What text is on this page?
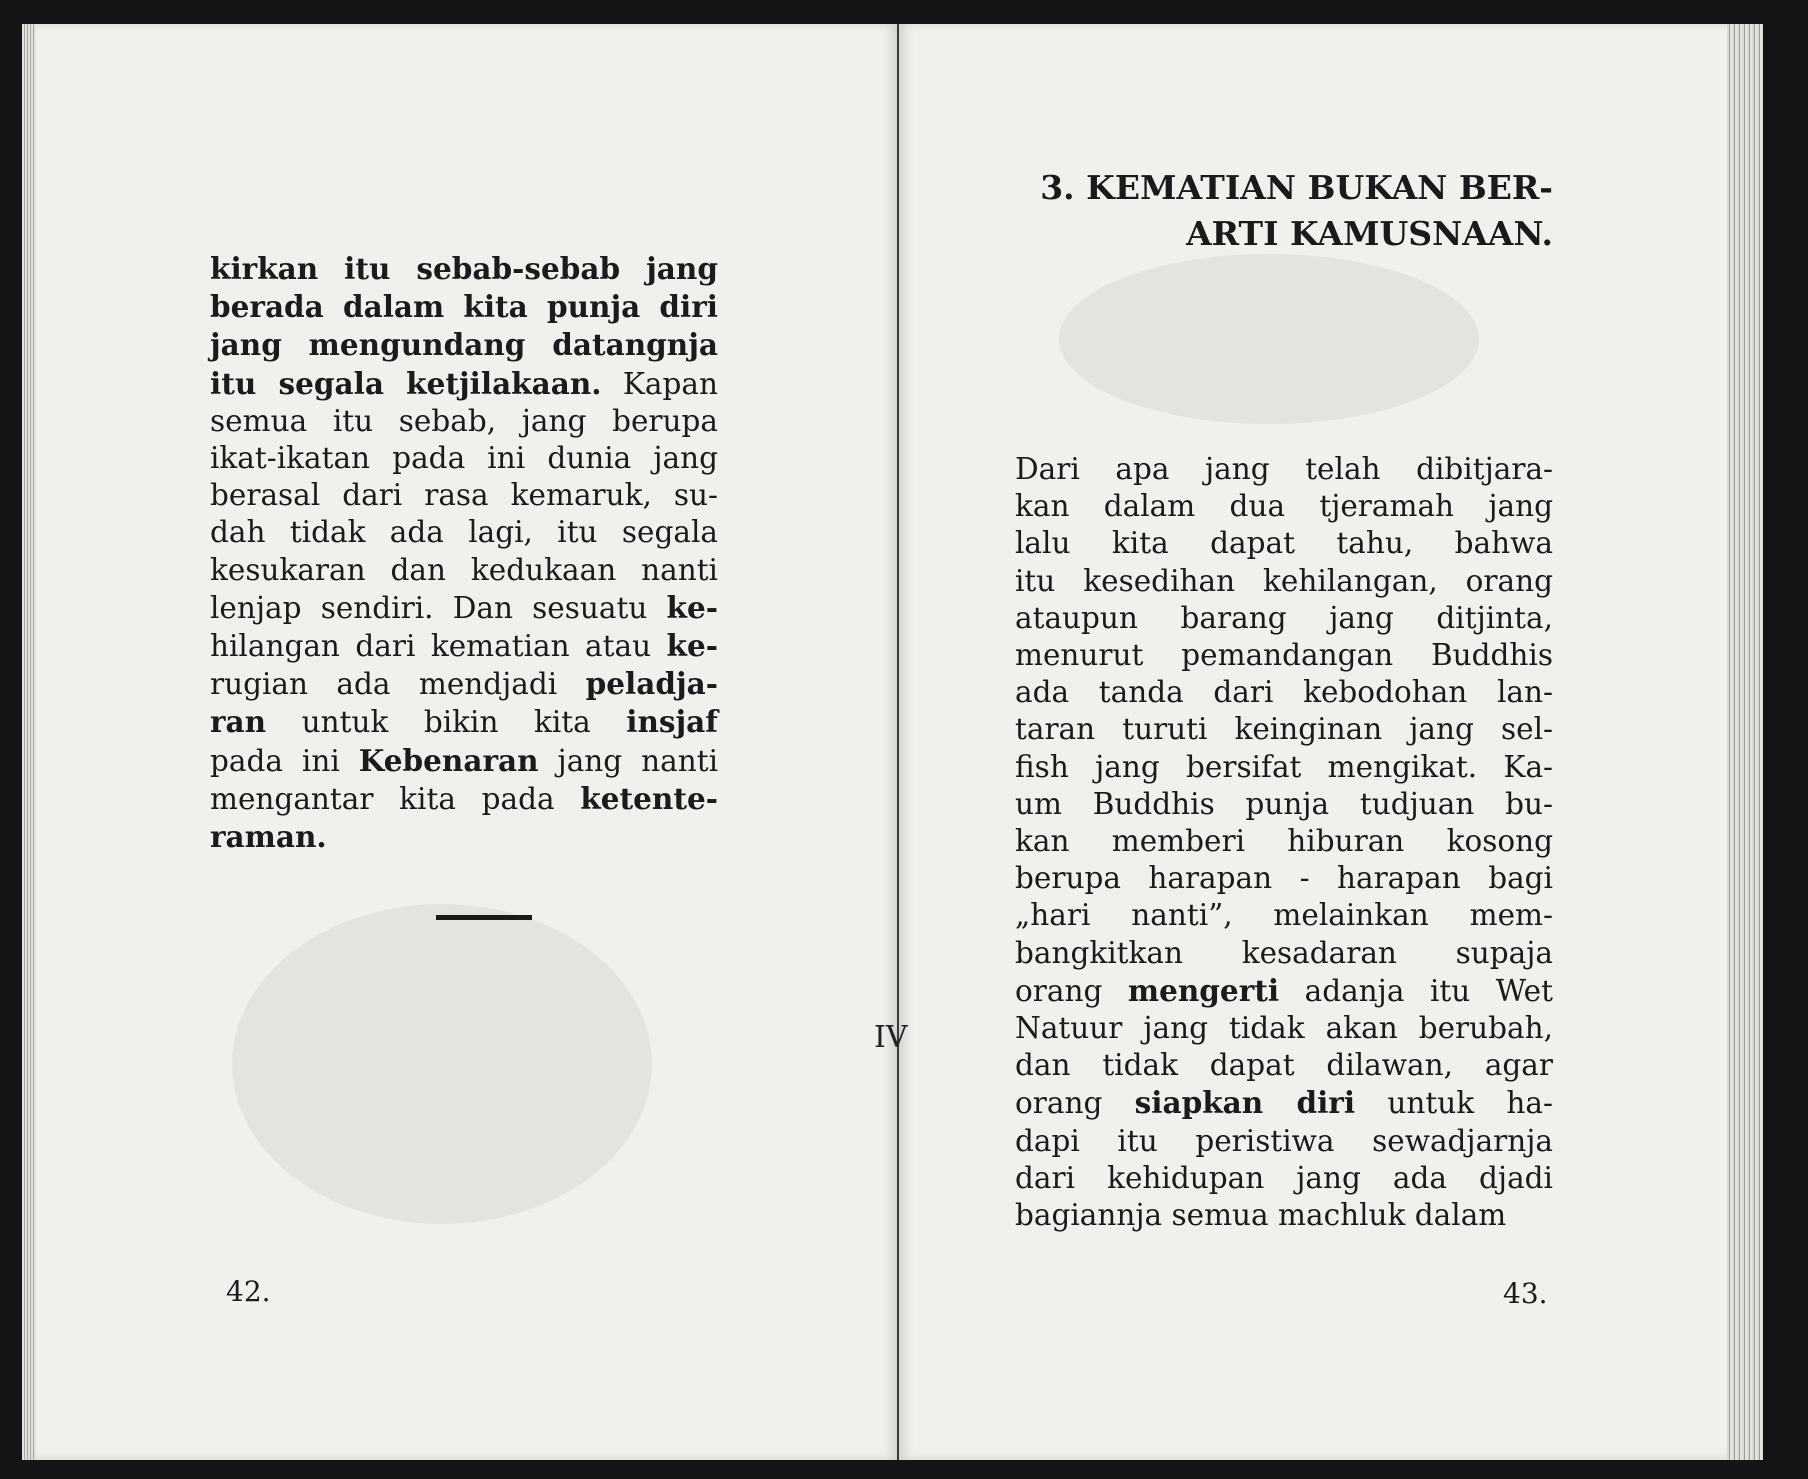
kirkan itu sebab-sebab jang
berada dalam kita punja diri
jang mengundang datangnja
itu segala ketjilakaan. Kapan
semua itu sebab, jang berupa
ikat-ikatan pada ini dunia jang
berasal dari rasa kemaruk, su-
dah tidak ada lagi, itu segala
kesukaran dan kedukaan nanti
lenjap sendiri. Dan sesuatu ke-
hilangan dari kematian atau ke-
rugian ada mendjadi peladja-
ran untuk bikin kita insjaf
pada ini Kebenaran jang nanti
mengantar kita pada ketente-
raman.
42.
3. KEMATIAN BUKAN BER-
ARTI KAMUSNAAN.
Dari apa jang telah dibitjara-
kan dalam dua tjeramah jang
lalu kita dapat tahu, bahwa
itu kesedihan kehilangan, orang
ataupun barang jang ditjinta,
menurut pemandangan Buddhis
ada tanda dari kebodohan lan-
taran turuti keinginan jang sel-
fish jang bersifat mengikat. Ka-
um Buddhis punja tudjuan bu-
kan memberi hiburan kosong
berupa harapan - harapan bagi
„hari nanti”, melainkan mem-
bangkitkan kesadaran supaja
orang mengerti adanja itu Wet
Natuur jang tidak akan berubah,
dan tidak dapat dilawan, agar
orang siapkan diri untuk ha-
dapi itu peristiwa sewadjarnja
dari kehidupan jang ada djadi
bagiannja semua machluk dalam
43.
IV
